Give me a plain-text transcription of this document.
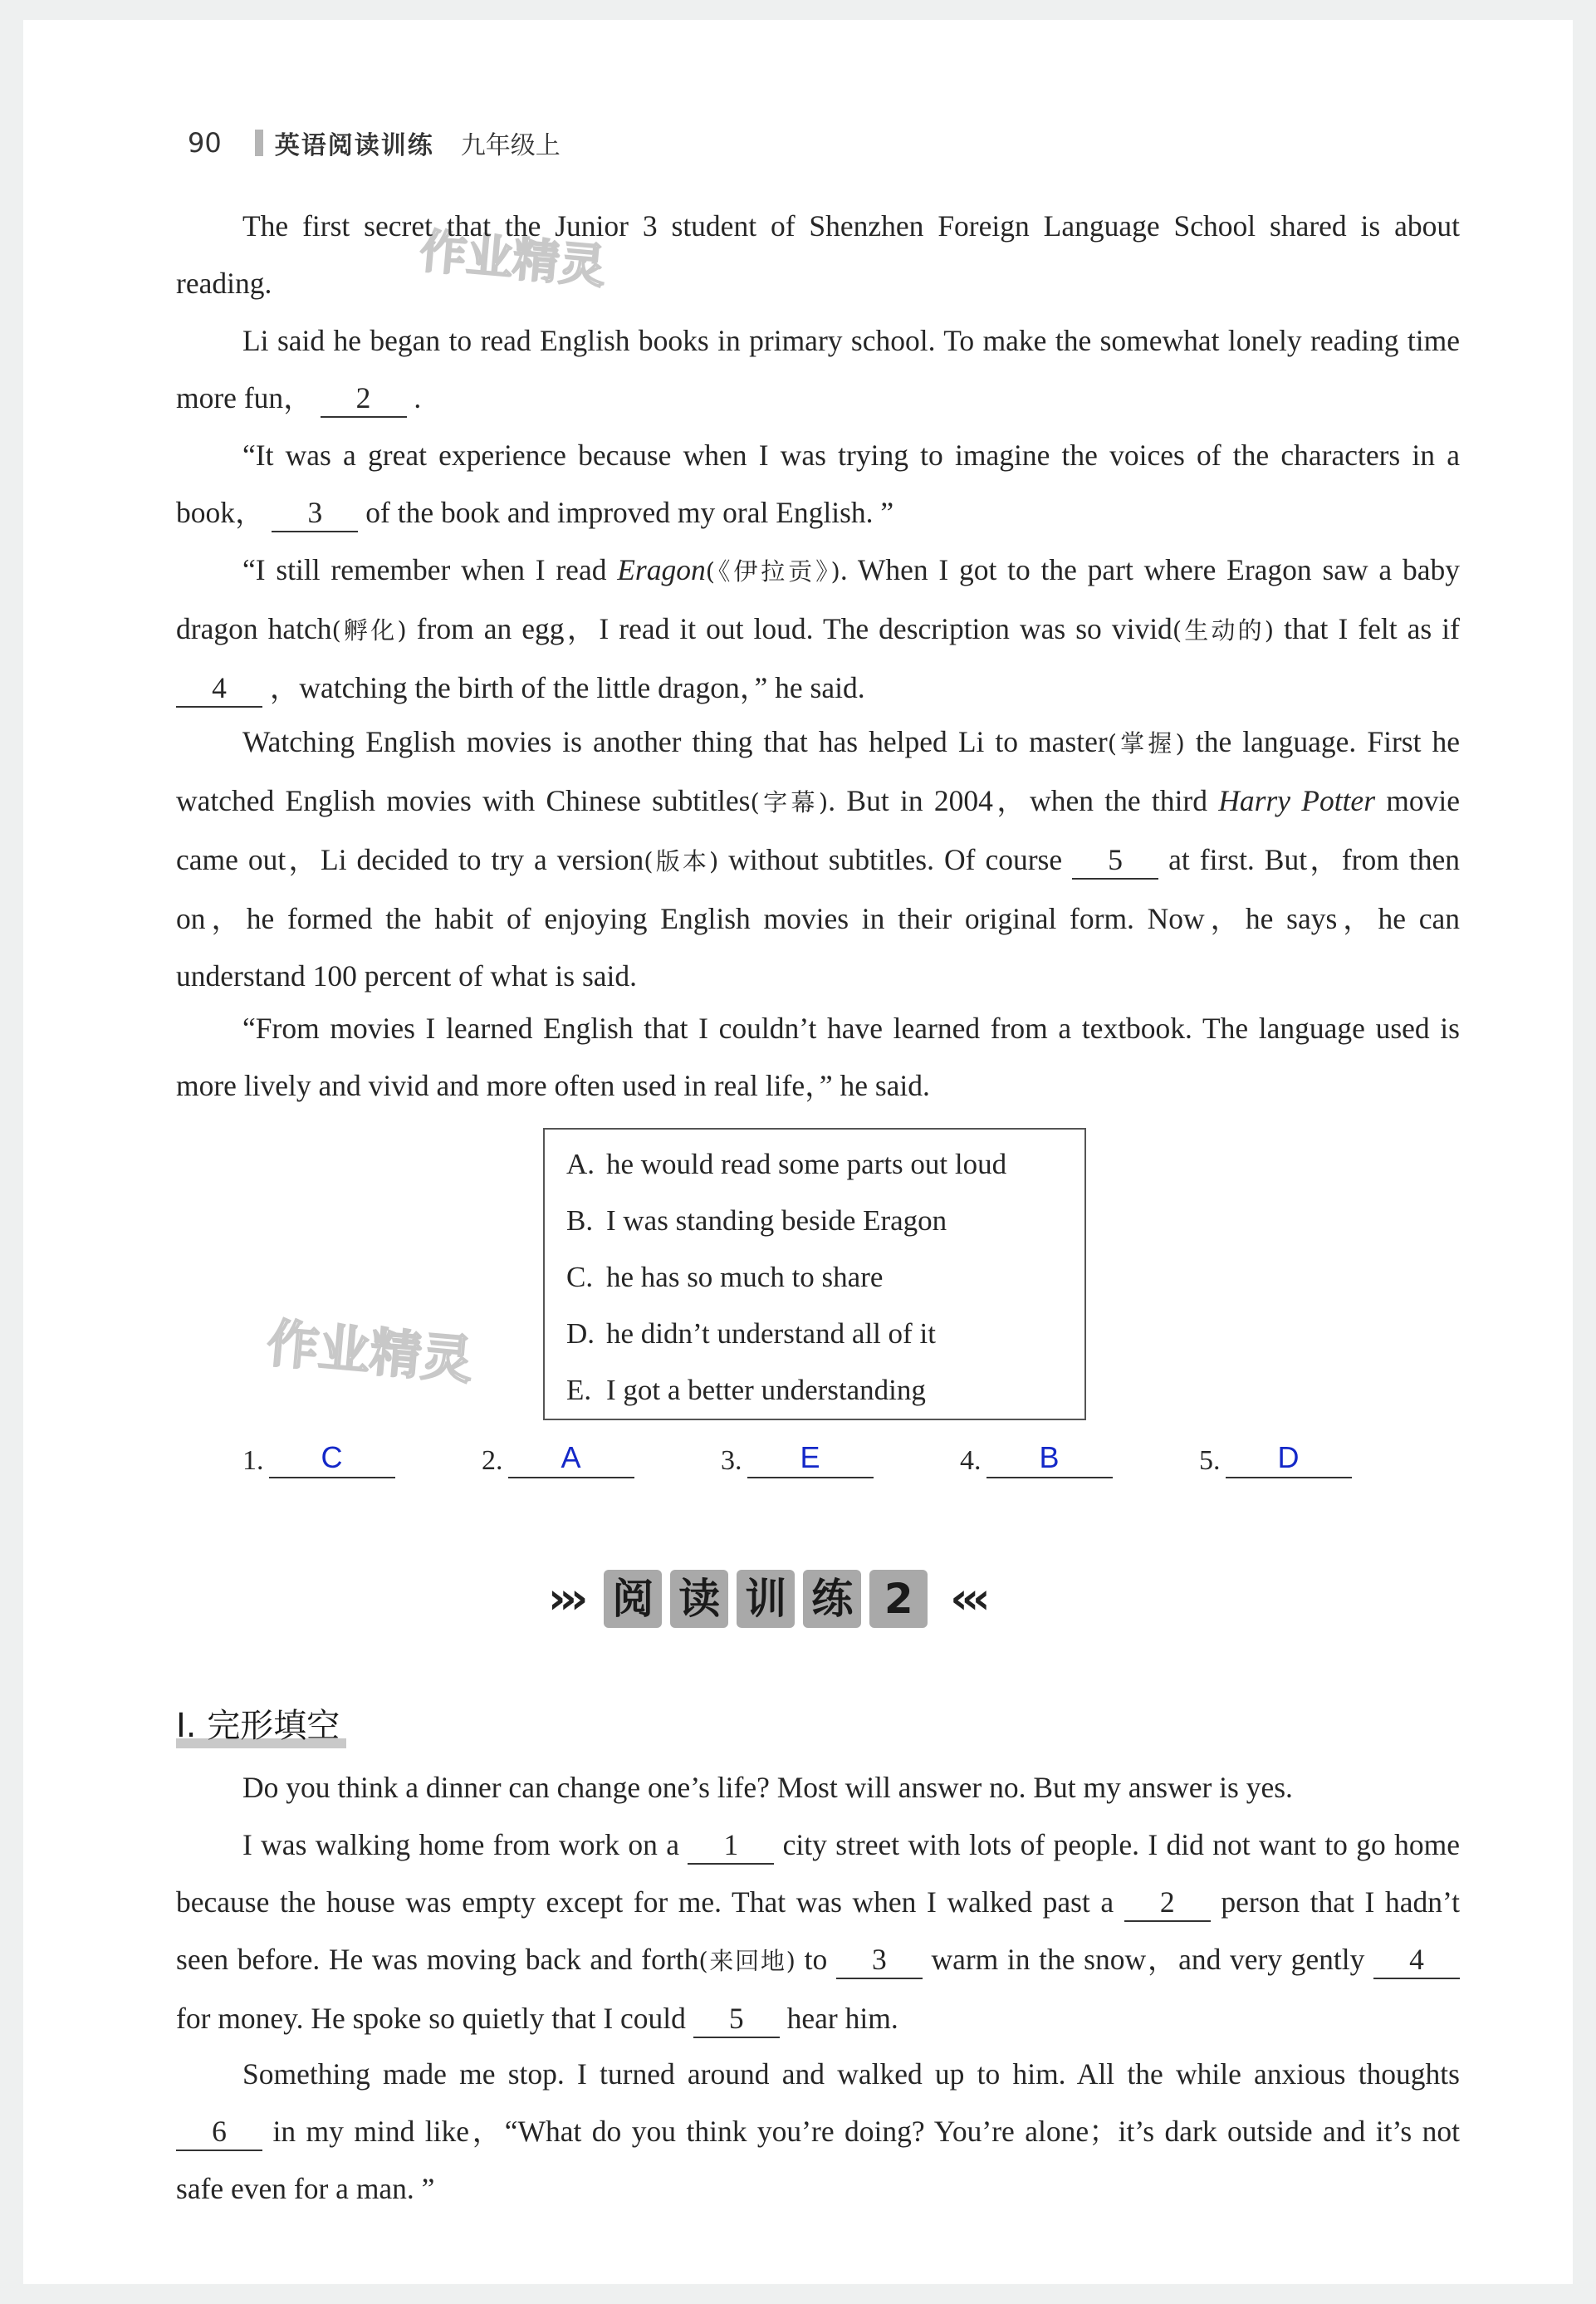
90 英语阅读训练 九年级上
作业精灵
作业精灵

The first secret that the Junior 3 student of Shenzhen Foreign Language School shared is about reading.

Li said he began to read English books in primary school. To make the somewhat lonely reading time more fun， 2 .

“It was a great experience because when I was trying to imagine the voices of the characters in a book， 3 of the book and improved my oral English. ”

“I still remember when I read Eragon(《伊拉贡》). When I got to the part where Eragon saw a baby dragon hatch(孵化) from an egg，I read it out loud. The description was so vivid(生动的) that I felt as if 4 ，watching the birth of the little dragon，” he said.

Watching English movies is another thing that has helped Li to master(掌握) the language. First he watched English movies with Chinese subtitles(字幕). But in 2004，when the third Harry Potter movie came out，Li decided to try a version(版本) without subtitles. Of course 5 at first. But，from then on，he formed the habit of enjoying English movies in their original form. Now，he says，he can understand 100 percent of what is said.

“From movies I learned English that I couldn’t have learned from a textbook. The language used is more lively and vivid and more often used in real life，” he said.

A. he would read some parts out loud
B. I was standing beside Eragon
C. he has so much to share
D. he didn’t understand all of it
E. I got a better understanding
1.	C	2.	A	3.	E	4.	B	5.	D
››› 阅 读 训 练 2 ‹‹‹
I. 完形填空

Do you think a dinner can change one’s life? Most will answer no. But my answer is yes.

I was walking home from work on a 1 city street with lots of people. I did not want to go home because the house was empty except for me. That was when I walked past a 2 person that I hadn’t seen before. He was moving back and forth(来回地) to 3 warm in the snow，and very gently 4 for money. He spoke so quietly that I could 5 hear him.

Something made me stop. I turned around and walked up to him. All the while anxious thoughts 6 in my mind like，“What do you think you’re doing? You’re alone；it’s dark outside and it’s not safe even for a man. ”
